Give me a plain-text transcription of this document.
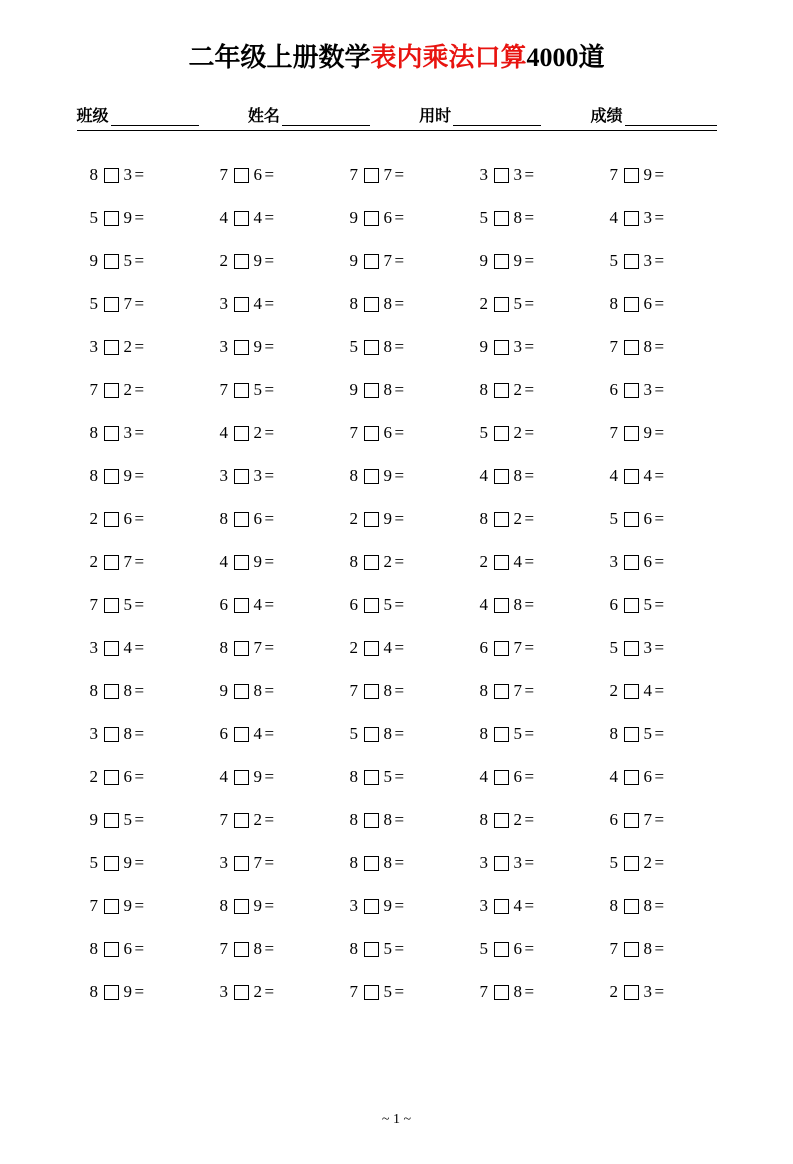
二年级上册数学表内乘法口算4000道
班级	姓名	用时	成绩
8 3 =	7 6 =	7 7 =	3 3 =	7 9 =
5 9 =	4 4 =	9 6 =	5 8 =	4 3 =
9 5 =	2 9 =	9 7 =	9 9 =	5 3 =
5 7 =	3 4 =	8 8 =	2 5 =	8 6 =
3 2 =	3 9 =	5 8 =	9 3 =	7 8 =
7 2 =	7 5 =	9 8 =	8 2 =	6 3 =
8 3 =	4 2 =	7 6 =	5 2 =	7 9 =
8 9 =	3 3 =	8 9 =	4 8 =	4 4 =
2 6 =	8 6 =	2 9 =	8 2 =	5 6 =
2 7 =	4 9 =	8 2 =	2 4 =	3 6 =
7 5 =	6 4 =	6 5 =	4 8 =	6 5 =
3 4 =	8 7 =	2 4 =	6 7 =	5 3 =
8 8 =	9 8 =	7 8 =	8 7 =	2 4 =
3 8 =	6 4 =	5 8 =	8 5 =	8 5 =
2 6 =	4 9 =	8 5 =	4 6 =	4 6 =
9 5 =	7 2 =	8 8 =	8 2 =	6 7 =
5 9 =	3 7 =	8 8 =	3 3 =	5 2 =
7 9 =	8 9 =	3 9 =	3 4 =	8 8 =
8 6 =	7 8 =	8 5 =	5 6 =	7 8 =
8 9 =	3 2 =	7 5 =	7 8 =	2 3 =
~ 1 ~
